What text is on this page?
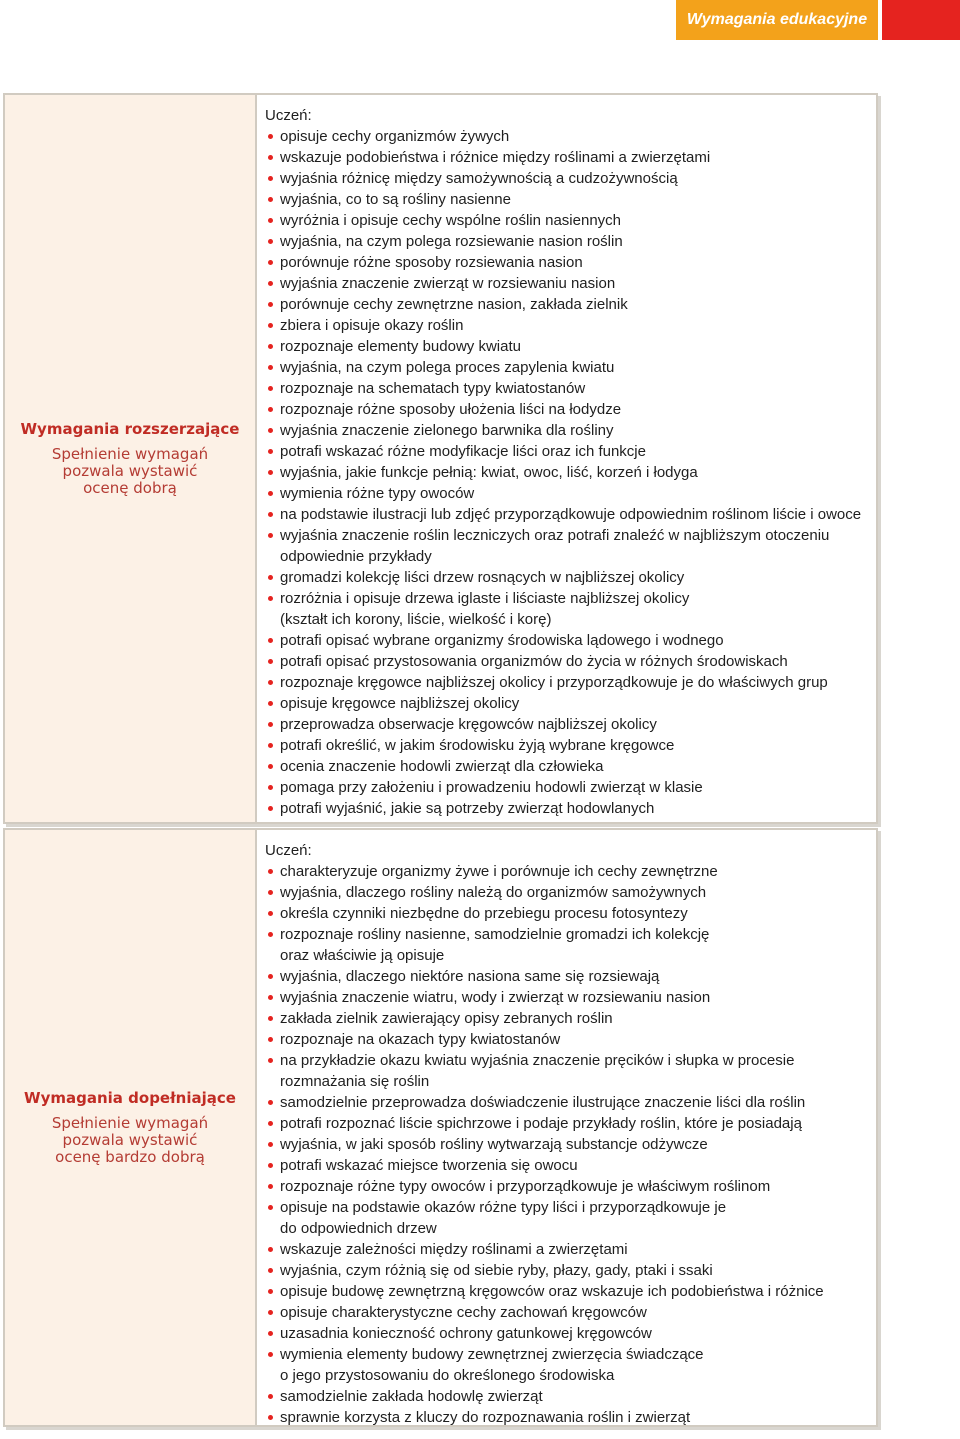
Wymagania edukacyjne
Wymagania rozszerzające
Spełnienie wymagań
pozwala wystawić
ocenę dobrą
Uczeń:
opisuje cechy organizmów żywych
wskazuje podobieństwa i różnice między roślinami a zwierzętami
wyjaśnia różnicę między samożywnością a cudzożywnością
wyjaśnia, co to są rośliny nasienne
wyróżnia i opisuje cechy wspólne roślin nasiennych
wyjaśnia, na czym polega rozsiewanie nasion roślin
porównuje różne sposoby rozsiewania nasion
wyjaśnia znaczenie zwierząt w rozsiewaniu nasion
porównuje cechy zewnętrzne nasion, zakłada zielnik
zbiera i opisuje okazy roślin
rozpoznaje elementy budowy kwiatu
wyjaśnia, na czym polega proces zapylenia kwiatu
rozpoznaje na schematach typy kwiatostanów
rozpoznaje różne sposoby ułożenia liści na łodydze
wyjaśnia znaczenie zielonego barwnika dla rośliny
potrafi wskazać różne modyfikacje liści oraz ich funkcje
wyjaśnia, jakie funkcje pełnią: kwiat, owoc, liść, korzeń i łodyga
wymienia różne typy owoców
na podstawie ilustracji lub zdjęć przyporządkowuje odpowiednim roślinom liście i owoce
wyjaśnia znaczenie roślin leczniczych oraz potrafi znaleźć w najbliższym otoczeniu
odpowiednie przykłady
gromadzi kolekcję liści drzew rosnących w najbliższej okolicy
rozróżnia i opisuje drzewa iglaste i liściaste najbliższej okolicy
(kształt ich korony, liście, wielkość i korę)
potrafi opisać wybrane organizmy środowiska lądowego i wodnego
potrafi opisać przystosowania organizmów do życia w różnych środowiskach
rozpoznaje kręgowce najbliższej okolicy i przyporządkowuje je do właściwych grup
opisuje kręgowce najbliższej okolicy
przeprowadza obserwacje kręgowców najbliższej okolicy
potrafi określić, w jakim środowisku żyją wybrane kręgowce
ocenia znaczenie hodowli zwierząt dla człowieka
pomaga przy założeniu i prowadzeniu hodowli zwierząt w klasie
potrafi wyjaśnić, jakie są potrzeby zwierząt hodowlanych
Wymagania dopełniające
Spełnienie wymagań
pozwala wystawić
ocenę bardzo dobrą
Uczeń:
charakteryzuje organizmy żywe i porównuje ich cechy zewnętrzne
wyjaśnia, dlaczego rośliny należą do organizmów samożywnych
określa czynniki niezbędne do przebiegu procesu fotosyntezy
rozpoznaje rośliny nasienne, samodzielnie gromadzi ich kolekcję
oraz właściwie ją opisuje
wyjaśnia, dlaczego niektóre nasiona same się rozsiewają
wyjaśnia znaczenie wiatru, wody i zwierząt w rozsiewaniu nasion
zakłada zielnik zawierający opisy zebranych roślin
rozpoznaje na okazach typy kwiatostanów
na przykładzie okazu kwiatu wyjaśnia znaczenie pręcików i słupka w procesie
rozmnażania się roślin
samodzielnie przeprowadza doświadczenie ilustrujące znaczenie liści dla roślin
potrafi rozpoznać liście spichrzowe i podaje przykłady roślin, które je posiadają
wyjaśnia, w jaki sposób rośliny wytwarzają substancje odżywcze
potrafi wskazać miejsce tworzenia się owocu
rozpoznaje różne typy owoców i przyporządkowuje je właściwym roślinom
opisuje na podstawie okazów różne typy liści i przyporządkowuje je
do odpowiednich drzew
wskazuje zależności między roślinami a zwierzętami
wyjaśnia, czym różnią się od siebie ryby, płazy, gady, ptaki i ssaki
opisuje budowę zewnętrzną kręgowców oraz wskazuje ich podobieństwa i różnice
opisuje charakterystyczne cechy zachowań kręgowców
uzasadnia konieczność ochrony gatunkowej kręgowców
wymienia elementy budowy zewnętrznej zwierzęcia świadczące
o jego przystosowaniu do określonego środowiska
samodzielnie zakłada hodowlę zwierząt
sprawnie korzysta z kluczy do rozpoznawania roślin i zwierząt
